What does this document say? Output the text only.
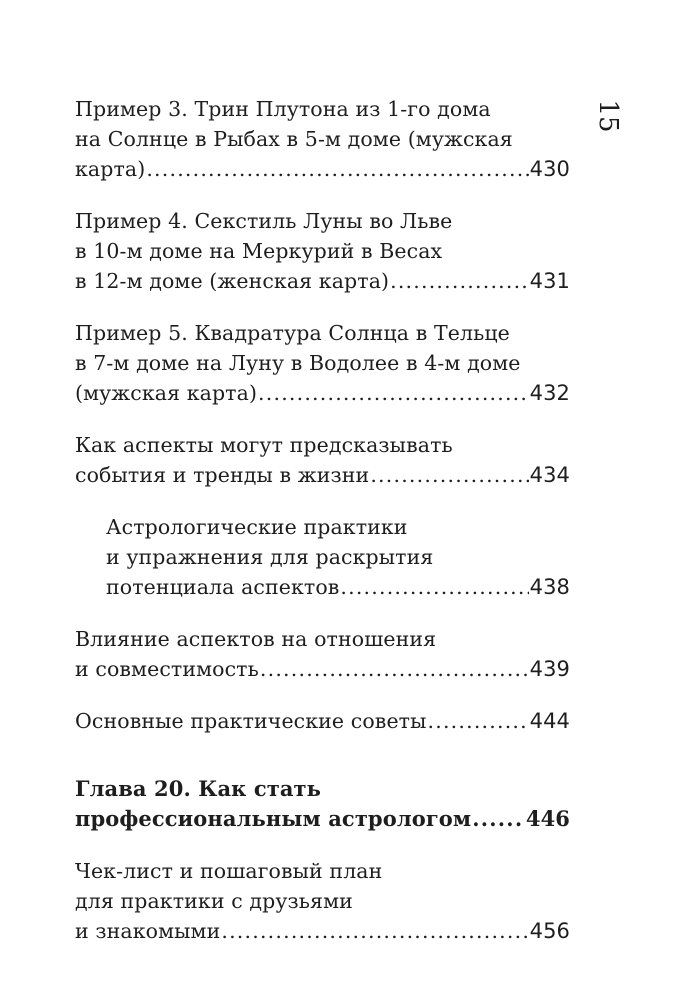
15
Пример 3. Трин Плутона из 1-го дома
на Солнце в Рыбах в 5-м доме (мужская
карта) .....	430
Пример 4. Секстиль Луны во Льве
в 10-м доме на Меркурий в Весах
в 12-м доме (женская карта) .....	431
Пример 5. Квадратура Солнца в Тельце
в 7-м доме на Луну в Водолее в 4-м доме
(мужская карта) .....	432
Как аспекты могут предсказывать
события и тренды в жизни .....	434
Астрологические практики
и упражнения для раскрытия
потенциала аспектов .....	438
Влияние аспектов на отношения
и совместимость .....	439
Основные практические советы .....	444
Глава 20. Как стать
профессиональным астрологом .....	446
Чек-лист и пошаговый план
для практики с друзьями
и знакомыми .....	456
